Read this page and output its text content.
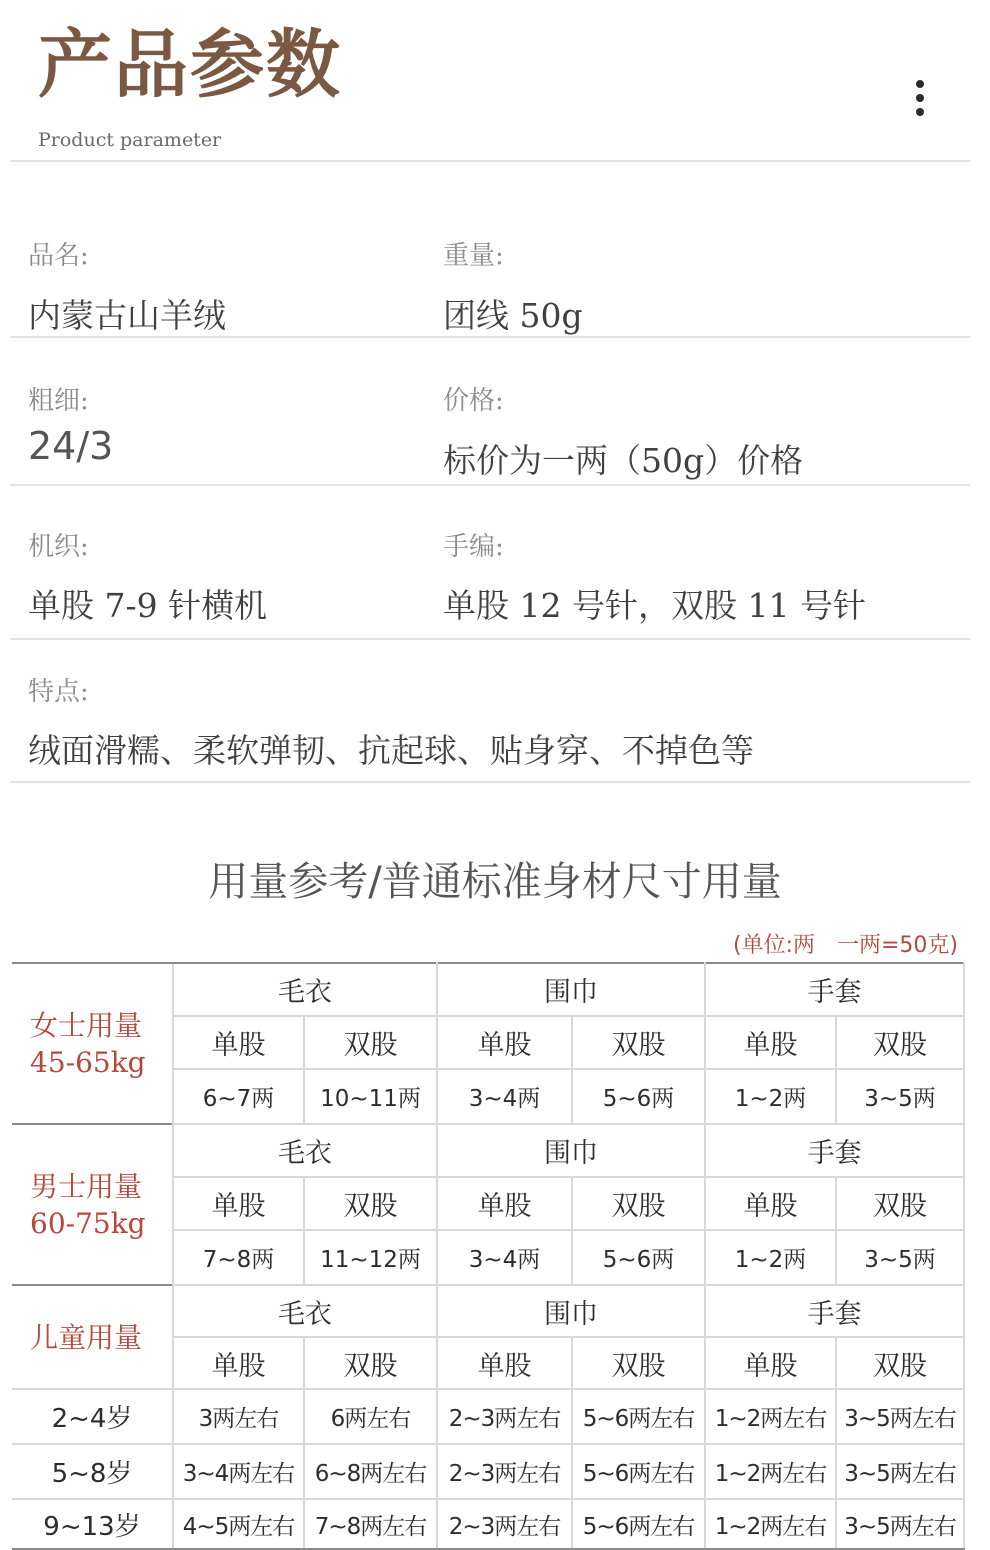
产品参数
Product parameter
品名:
内蒙古山羊绒
重量:
团线 50g
粗细:
24/3
价格:
标价为一两（50g）价格
机织:
单股 7-9 针横机
手编:
单股 12 号针，双股 11 号针
特点:
绒面滑糯、柔软弹韧、抗起球、贴身穿、不掉色等
用量参考/普通标准身材尺寸用量
(单位:两　一两=50克)
女士用量
45-65kg	毛衣		围巾		手套	
	单股	双股	单股	双股	单股	双股
	6~7两	10~11两	3~4两	5~6两	1~2两	3~5两

男士用量
60-75kg	毛衣		围巾		手套	
	单股	双股	单股	双股	单股	双股
	7~8两	11~12两	3~4两	5~6两	1~2两	3~5两
儿童用量	毛衣		围巾		手套	
	单股	双股	单股	双股	单股	双股
2~4岁	3两左右	6两左右	2~3两左右	5~6两左右	1~2两左右	3~5两左右
5~8岁	3~4两左右	6~8两左右	2~3两左右	5~6两左右	1~2两左右	3~5两左右
9~13岁	4~5两左右	7~8两左右	2~3两左右	5~6两左右	1~2两左右	3~5两左右
